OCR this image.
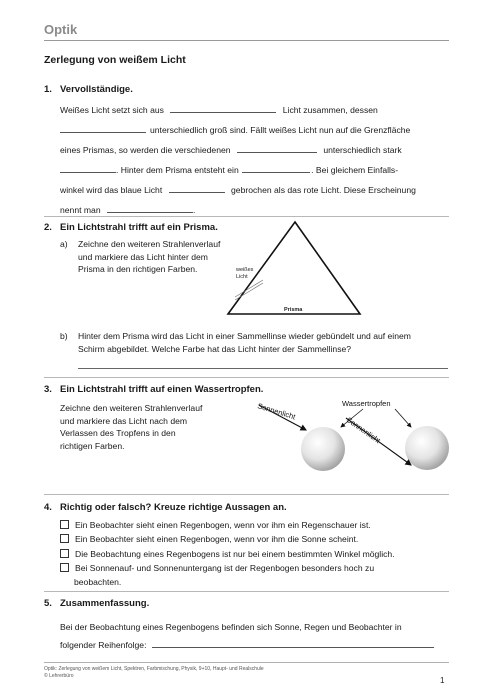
Optik
Zerlegung von weißem Licht
1. Vervollständige.
Weißes Licht setzt sich aus	Licht zusammen, dessen
unterschiedlich groß sind. Fällt weißes Licht nun auf die Grenzfläche
eines Prismas, so werden die verschiedenen	unterschiedlich stark
. Hinter dem Prisma entsteht ein	. Bei gleichem Einfalls-
winkel wird das blaue Licht	gebrochen als das rote Licht. Diese Erscheinung
nennt man	.
2. Ein Lichtstrahl trifft auf ein Prisma.
a) Zeichne den weiteren Strahlenverlauf
und markiere das Licht hinter dem
Prisma in den richtigen Farben.	weißes
Licht
Prisma
b) Hinter dem Prisma wird das Licht in einer Sammellinse wieder gebündelt und auf einem
Schirm abgebildet. Welche Farbe hat das Licht hinter der Sammellinse?
3. Ein Lichtstrahl trifft auf einen Wassertropfen.
Zeichne den weiteren Strahlenverlauf
und markiere das Licht nach dem
Verlassen des Tropfens in den
richtigen Farben.
Wassertropfen
Sonnenlicht
Sonnenlicht
4. Richtig oder falsch? Kreuze richtige Aussagen an.
Ein Beobachter sieht einen Regenbogen, wenn vor ihm ein Regenschauer ist.
Ein Beobachter sieht einen Regenbogen, wenn vor ihm die Sonne scheint.
Die Beobachtung eines Regenbogens ist nur bei einem bestimmten Winkel möglich.
Bei Sonnenauf- und Sonnenuntergang ist der Regenbogen besonders hoch zu
beobachten.
5. Zusammenfassung.
Bei der Beobachtung eines Regenbogens befinden sich Sonne, Regen und Beobachter in
folgender Reihenfolge:
Optik: Zerlegung von weißem Licht, Spektren, Farbmischung, Physik, 9+10, Haupt- und Realschule
© Lehrerbüro	1
